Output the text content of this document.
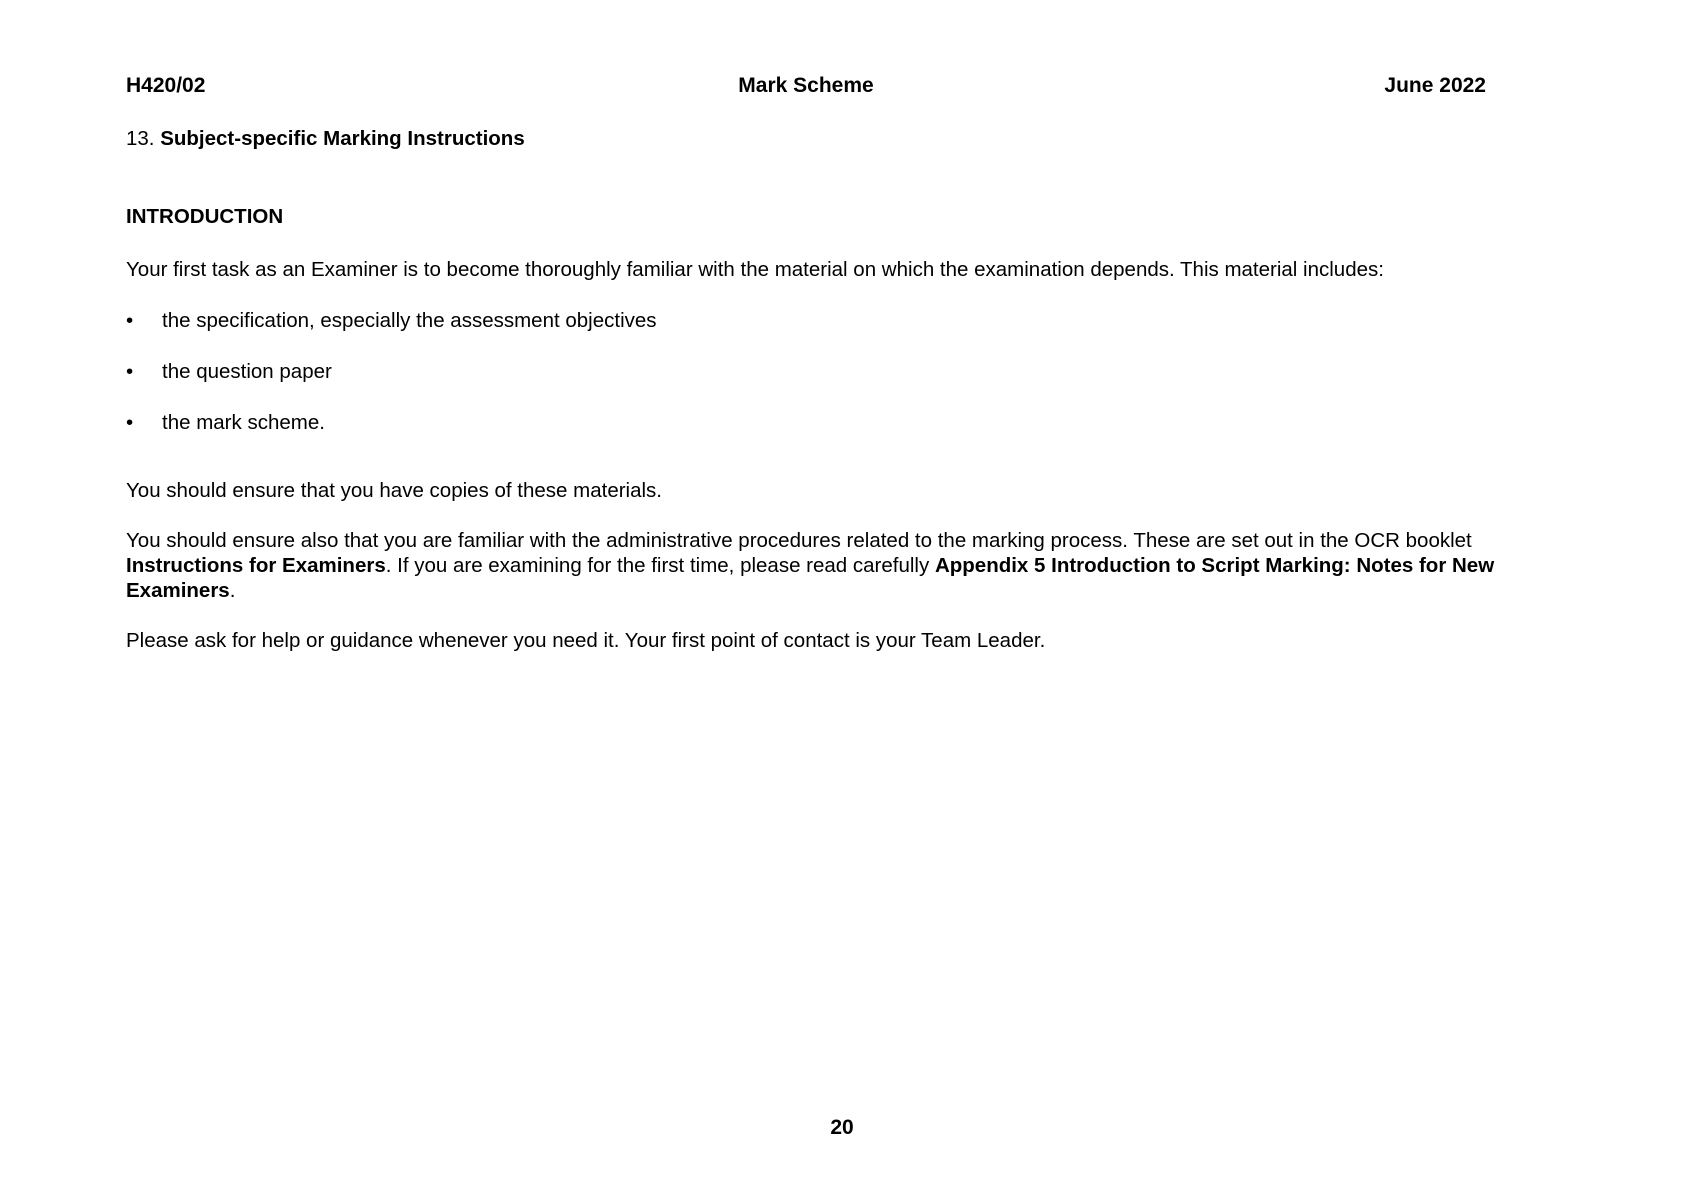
H420/02	Mark Scheme	June 2022

13. Subject-specific Marking Instructions

INTRODUCTION

Your first task as an Examiner is to become thoroughly familiar with the material on which the examination depends. This material includes:

• the specification, especially the assessment objectives
• the question paper
• the mark scheme.

You should ensure that you have copies of these materials.

You should ensure also that you are familiar with the administrative procedures related to the marking process. These are set out in the OCR booklet Instructions for Examiners. If you are examining for the first time, please read carefully Appendix 5 Introduction to Script Marking: Notes for New Examiners.

Please ask for help or guidance whenever you need it. Your first point of contact is your Team Leader.

20
